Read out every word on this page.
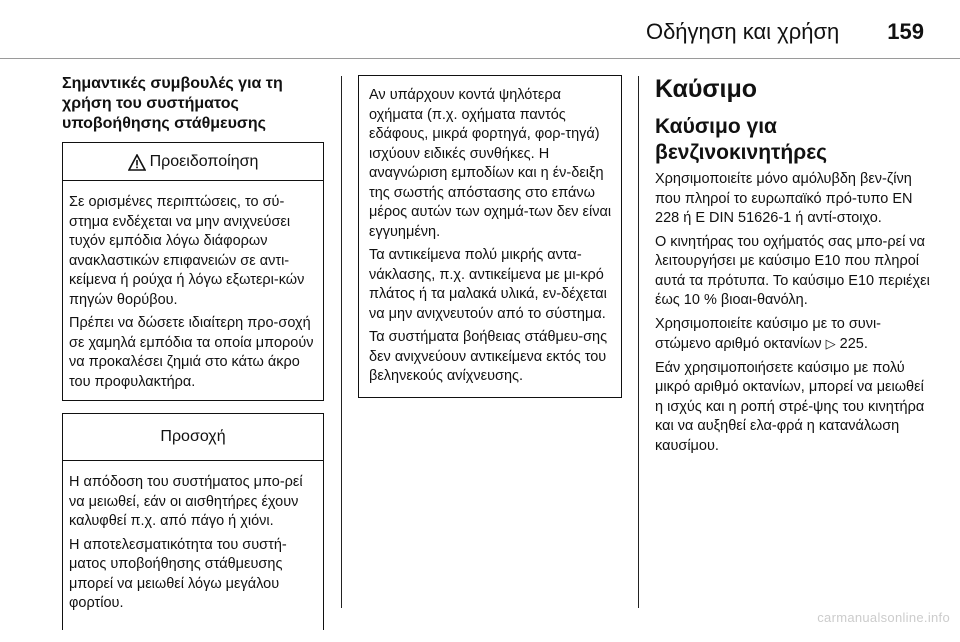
Οδήγηση και χρήση 159
Σημαντικές συμβουλές για τη
χρήση του συστήματος
υποβοήθησης στάθμευσης
Προειδοποίηση

Σε ορισμένες περιπτώσεις, το σύ-στημα ενδέχεται να μην ανιχνεύσει τυχόν εμπόδια λόγω διάφορων ανακλαστικών επιφανειών σε αντι-κείμενα ή ρούχα ή λόγω εξωτερι-κών πηγών θορύβου.

Πρέπει να δώσετε ιδιαίτερη προ-σοχή σε χαμηλά εμπόδια τα οποία μπορούν να προκαλέσει ζημιά στο κάτω άκρο του προφυλακτήρα.

Προσοχή

Η απόδοση του συστήματος μπο-ρεί να μειωθεί, εάν οι αισθητήρες έχουν καλυφθεί π.χ. από πάγο ή χιόνι.

Η αποτελεσματικότητα του συστή-ματος υποβοήθησης στάθμευσης μπορεί να μειωθεί λόγω μεγάλου φορτίου.

Αν υπάρχουν κοντά ψηλότερα οχήματα (π.χ. οχήματα παντός εδάφους, μικρά φορτηγά, φορ-τηγά) ισχύουν ειδικές συνθήκες. Η αναγνώριση εμποδίων και η έν-δειξη της σωστής απόστασης στο επάνω μέρος αυτών των οχημά-των δεν είναι εγγυημένη.

Τα αντικείμενα πολύ μικρής αντα-νάκλασης, π.χ. αντικείμενα με μι-κρό πλάτος ή τα μαλακά υλικά, εν-δέχεται να μην ανιχνευτούν από το σύστημα.

Τα συστήματα βοήθειας στάθμευ-σης δεν ανιχνεύουν αντικείμενα εκτός του βεληνεκούς ανίχνευσης.

Καύσιμο
Καύσιμο για
βενζινοκινητήρες

Χρησιμοποιείτε μόνο αμόλυβδη βεν-ζίνη που πληροί το ευρωπαϊκό πρό-τυπο EN 228 ή E DIN 51626-1 ή αντί-στοιχο.

Ο κινητήρας του οχήματός σας μπο-ρεί να λειτουργήσει με καύσιμο E10 που πληροί αυτά τα πρότυπα. Το καύσιμο E10 περιέχει έως 10 % βιοαι-θανόλη.

Χρησιμοποιείτε καύσιμο με το συνι-στώμενο αριθμό οκτανίων ▷ 225.

Εάν χρησιμοποιήσετε καύσιμο με πολύ μικρό αριθμό οκτανίων, μπορεί να μειωθεί η ισχύς και η ροπή στρέ-ψης του κινητήρα και να αυξηθεί ελα-φρά η κατανάλωση καυσίμου.

carmanualsonline.info
